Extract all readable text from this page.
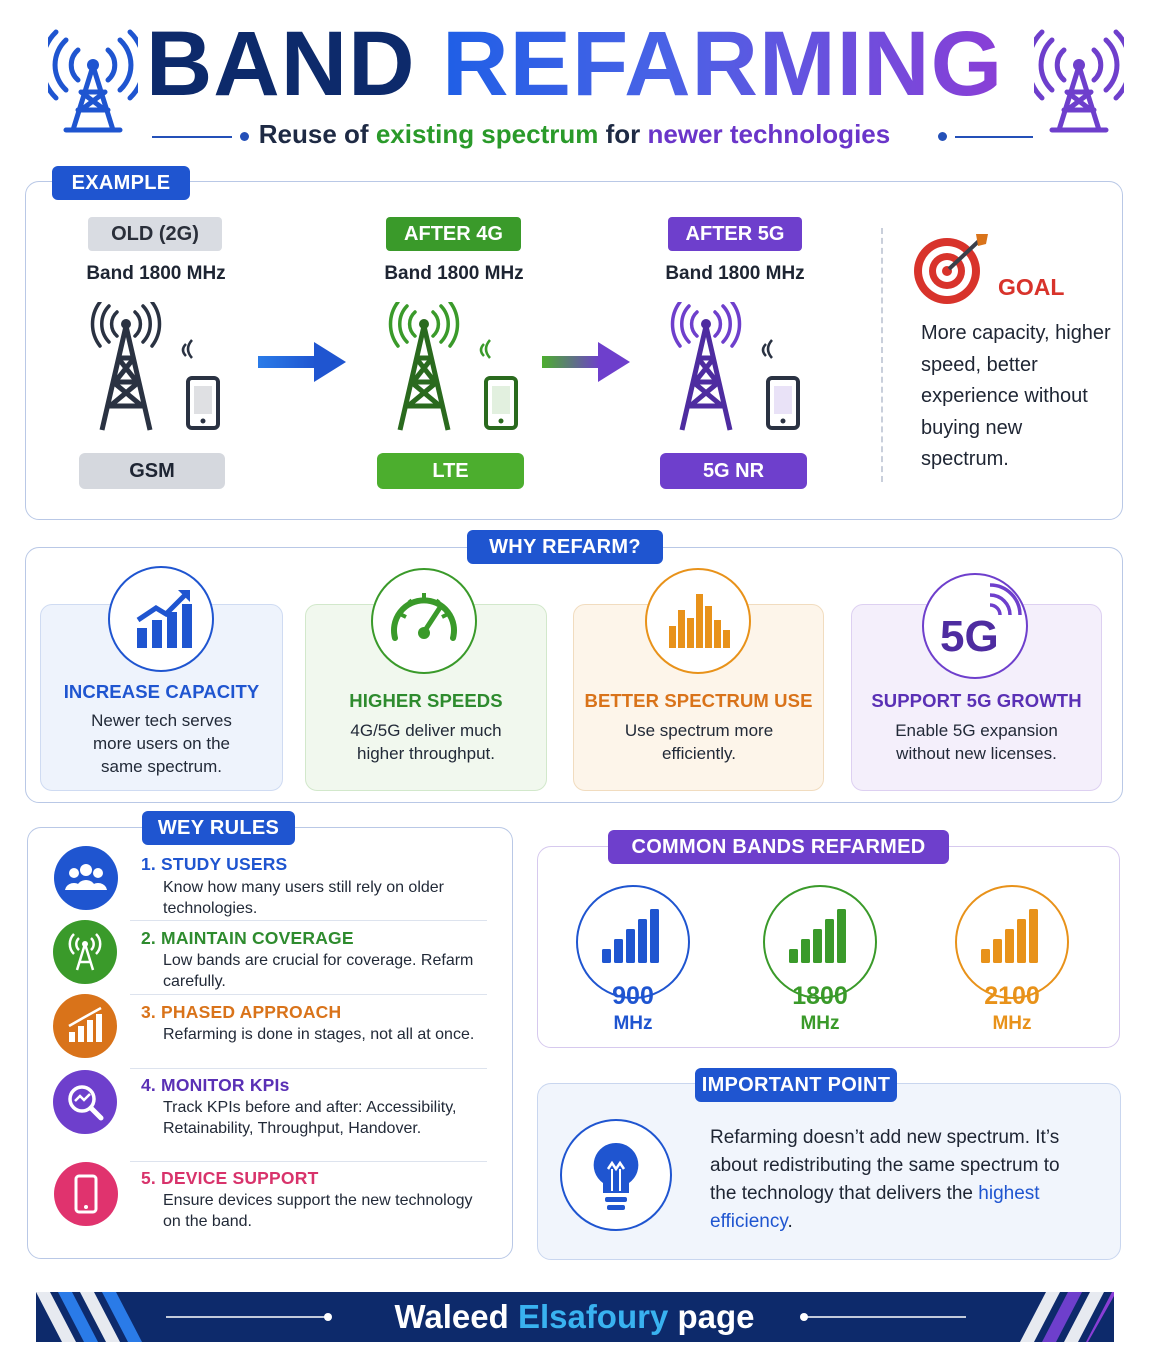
BAND REFARMING
Reuse of existing spectrum for newer technologies
EXAMPLE
OLD (2G)
Band 1800 MHz
GSM
AFTER 4G
Band 1800 MHz
LTE
AFTER 5G
Band 1800 MHz
5G NR
GOAL
More capacity, higher speed, better experience without buying new spectrum.
WHY REFARM?
INCREASE CAPACITY
Newer tech serves more users on the same spectrum.
HIGHER SPEEDS
4G/5G deliver much higher throughput.
BETTER SPECTRUM USE
Use spectrum more efficiently.
5G
SUPPORT 5G GROWTH
Enable 5G expansion without new licenses.
WEY RULES
1. STUDY USERS
Know how many users still rely on older technologies.
2. MAINTAIN COVERAGE
Low bands are crucial for coverage. Refarm carefully.
3. PHASED APPROACH
Refarming is done in stages, not all at once.
4. MONITOR KPIs
Track KPIs before and after: Accessibility, Retainability, Throughput, Handover.
5. DEVICE SUPPORT
Ensure devices support the new technology on the band.
COMMON BANDS REFARMED
900
MHz
1800
MHz
2100
MHz
IMPORTANT POINT
Refarming doesn’t add new spectrum. It’s about redistributing the same spectrum to the technology that delivers the highest efficiency.
Waleed Elsafoury page
